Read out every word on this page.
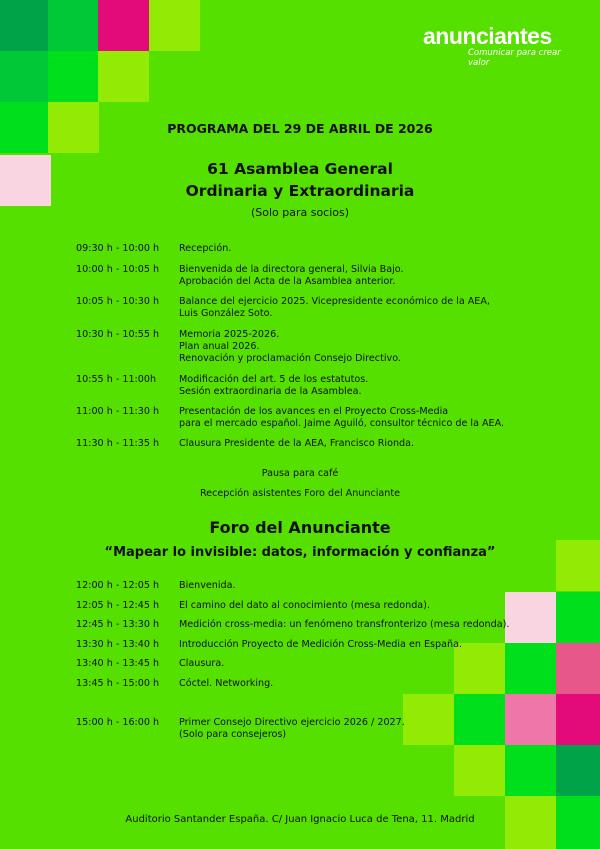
anunciantes
Comunicar para crear valor
PROGRAMA DEL 29 DE ABRIL DE 2026
61 Asamblea General
Ordinaria y Extraordinaria
(Solo para socios)
09:30 h - 10:00 h	Recepción.
10:00 h - 10:05 h	Bienvenida de la directora general, Silvia Bajo.
Aprobación del Acta de la Asamblea anterior.
10:05 h - 10:30 h	Balance del ejercicio 2025. Vicepresidente económico de la AEA,
Luis González Soto.
10:30 h - 10:55 h	Memoria 2025-2026.
Plan anual 2026.
Renovación y proclamación Consejo Directivo.
10:55 h - 11:00h	Modificación del art. 5 de los estatutos.
Sesión extraordinaria de la Asamblea.
11:00 h - 11:30 h	Presentación de los avances en el Proyecto Cross-Media
para el mercado español. Jaime Aguiló, consultor técnico de la AEA.
11:30 h - 11:35 h	Clausura Presidente de la AEA, Francisco Rionda.
Pausa para café
Recepción asistentes Foro del Anunciante
Foro del Anunciante
“Mapear lo invisible: datos, información y confianza”
12:00 h - 12:05 h	Bienvenida.
12:05 h - 12:45 h	El camino del dato al conocimiento (mesa redonda).
12:45 h - 13:30 h	Medición cross-media: un fenómeno transfronterizo (mesa redonda).
13:30 h - 13:40 h	Introducción Proyecto de Medición Cross-Media en España.
13:40 h - 13:45 h	Clausura.
13:45 h - 15:00 h	Cóctel. Networking.
15:00 h - 16:00 h	Primer Consejo Directivo ejercicio 2026 / 2027.
(Solo para consejeros)
Auditorio Santander España. C/ Juan Ignacio Luca de Tena, 11. Madrid
